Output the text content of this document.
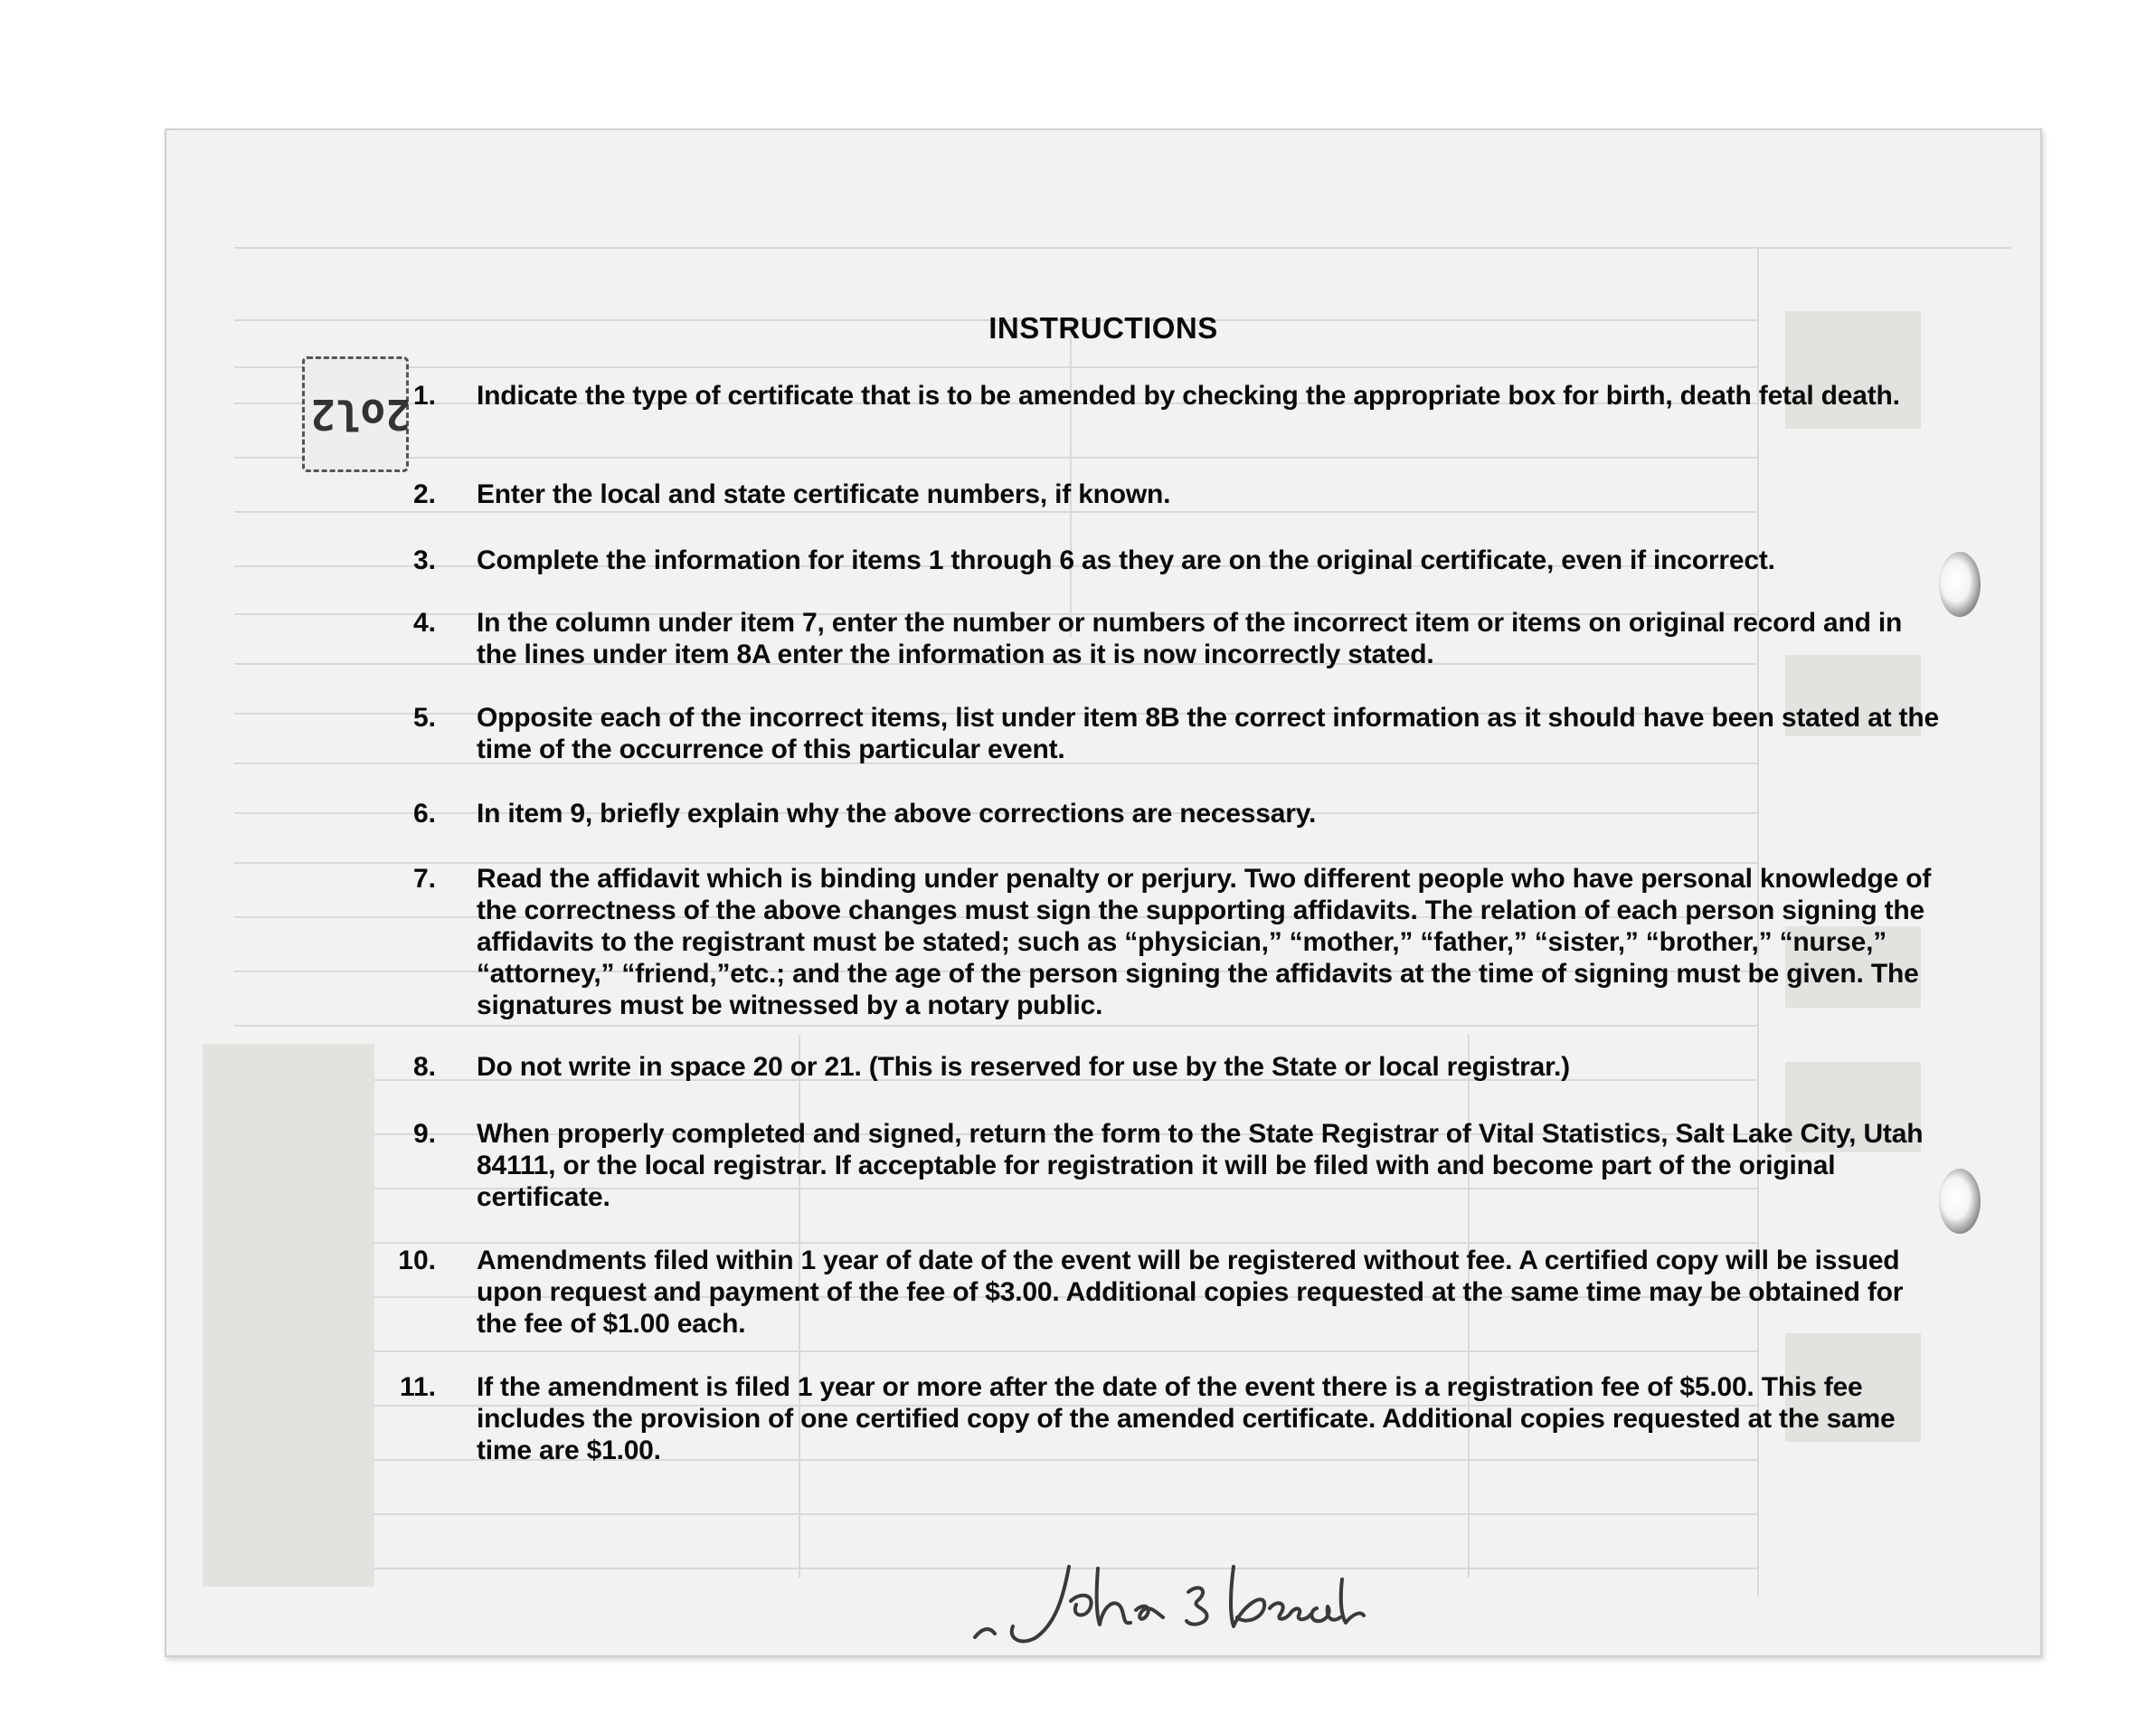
2ol2
INSTRUCTIONS
1. Indicate the type of certificate that is to be amended by checking the appropriate box for birth, death fetal death.
2. Enter the local and state certificate numbers, if known.
3. Complete the information for items 1 through 6 as they are on the original certificate, even if incorrect.
4. In the column under item 7, enter the number or numbers of the incorrect item or items on original record and in the lines under item 8A enter the information as it is now incorrectly stated.
5. Opposite each of the incorrect items, list under item 8B the correct information as it should have been stated at the time of the occurrence of this particular event.
6. In item 9, briefly explain why the above corrections are necessary.
7. Read the affidavit which is binding under penalty or perjury. Two different people who have personal knowledge of the correctness of the above changes must sign the supporting affidavits. The relation of each person signing the affidavits to the registrant must be stated; such as “physician,” “mother,” “father,” “sister,” “brother,” “nurse,” “attorney,” “friend,”etc.; and the age of the person signing the affidavits at the time of signing must be given. The signatures must be witnessed by a notary public.
8. Do not write in space 20 or 21. (This is reserved for use by the State or local registrar.)
9. When properly completed and signed, return the form to the State Registrar of Vital Statistics, Salt Lake City, Utah 84111, or the local registrar. If acceptable for registration it will be filed with and become part of the original certificate.
10. Amendments filed within 1 year of date of the event will be registered without fee. A certified copy will be issued upon request and payment of the fee of $3.00. Additional copies requested at the same time may be obtained for the fee of $1.00 each.
11. If the amendment is filed 1 year or more after the date of the event there is a registration fee of $5.00. This fee includes the provision of one certified copy of the amended certificate. Additional copies requested at the same time are $1.00.
